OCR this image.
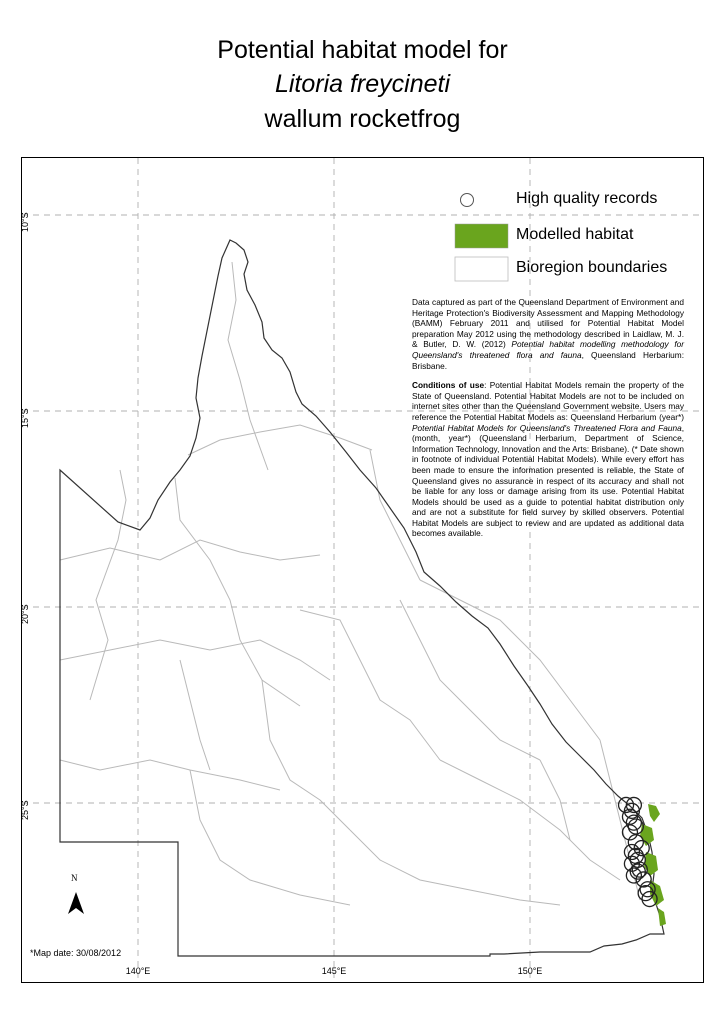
Potential habitat model for
Litoria freycineti
wallum rocketfrog
High quality records
Modelled habitat
Bioregion boundaries

Data captured as part of the Queensland Department of Environment and Heritage Protection's Biodiversity Assessment and Mapping Methodology (BAMM) February 2011 and utilised for Potential Habitat Model preparation May 2012 using the methodology described in Laidlaw, M. J. & Butler, D. W. (2012) Potential habitat modelling methodology for Queensland's threatened flora and fauna, Queensland Herbarium: Brisbane.

Conditions of use: Potential Habitat Models remain the property of the State of Queensland. Potential Habitat Models are not to be included on internet sites other than the Queensland Government website. Users may reference the Potential Habitat Models as: Queensland Herbarium (year*) Potential Habitat Models for Queensland's Threatened Flora and Fauna, (month, year*) (Queensland Herbarium, Department of Science, Information Technology, Innovation and the Arts: Brisbane). (* Date shown in footnote of individual Potential Habitat Models). While every effort has been made to ensure the information presented is reliable, the State of Queensland gives no assurance in respect of its accuracy and shall not be liable for any loss or damage arising from its use. Potential Habitat Models should be used as a guide to potential habitat distribution only and are not a substitute for field survey by skilled observers. Potential Habitat Models are subject to review and are updated as additional data becomes available.

N
*Map date: 30/08/2012
140°E	145°E	150°E
10°S
15°S
20°S
25°S
